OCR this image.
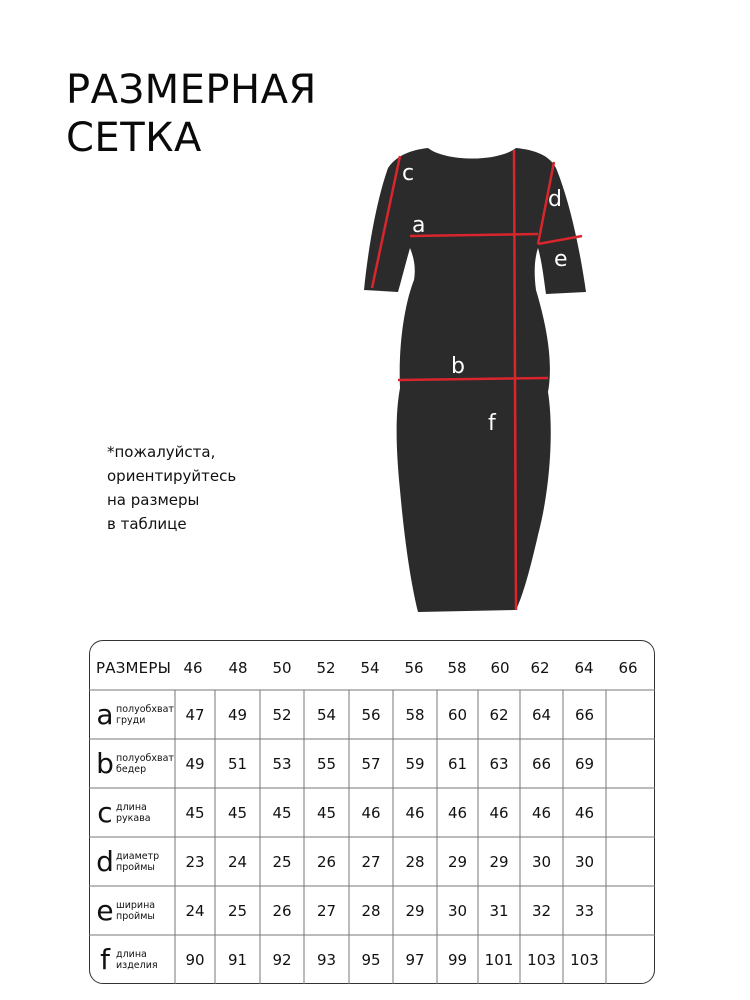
РАЗМЕРНАЯ
СЕТКА
*пожалуйста,
ориентируйтесь
на размеры
в таблице
c
d
e
a
b
f
РАЗМЕРЫ 46	48	50	52	54	56	58	60	62	64	66
a полуобхват
груди	47	49	52	54	56	58	60	62	64	66
b полуобхват
бедер	49	51	53	55	57	59	61	63	66	69
c длина
рукава	45	45	45	45	46	46	46	46	46	46
d диаметр
проймы	23	24	25	26	27	28	29	29	30	30
e ширина
проймы	24	25	26	27	28	29	30	31	32	33
f длина
изделия	90	91	92	93	95	97	99	101 103 103
